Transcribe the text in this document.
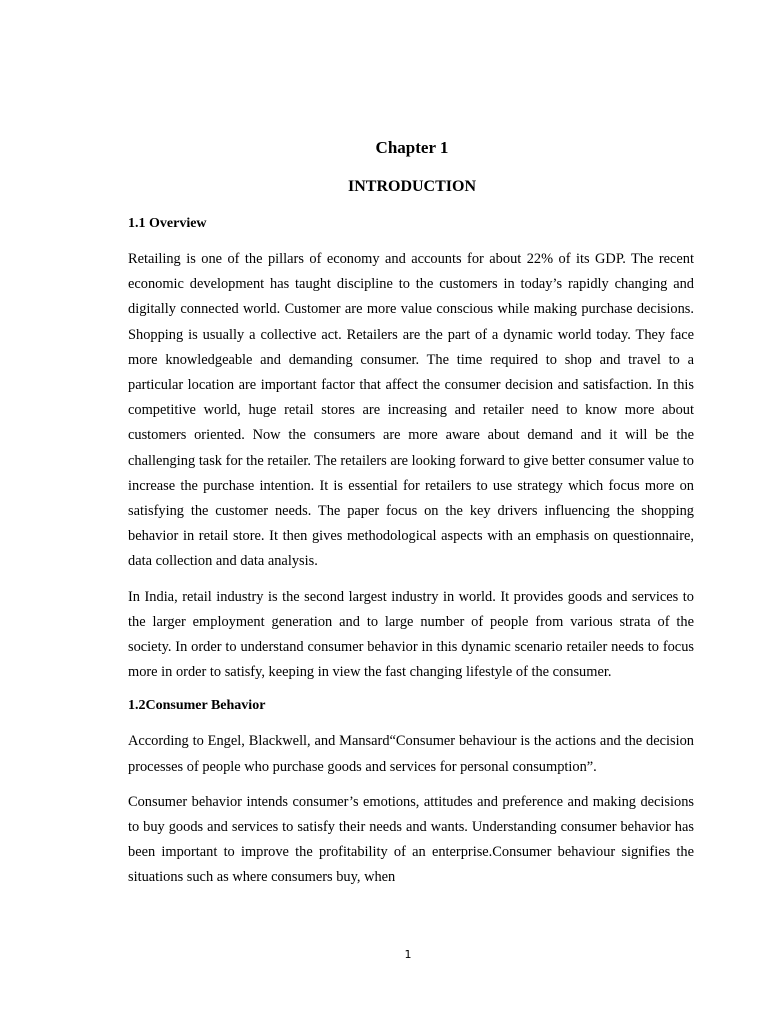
Chapter 1
INTRODUCTION

1.1 Overview

Retailing is one of the pillars of economy and accounts for about 22% of its GDP. The recent economic development has taught discipline to the customers in today’s rapidly changing and digitally connected world. Customer are more value conscious while making purchase decisions. Shopping is usually a collective act. Retailers are the part of a dynamic world today. They face more knowledgeable and demanding consumer. The time required to shop and travel to a particular location are important factor that affect the consumer decision and satisfaction. In this competitive world, huge retail stores are increasing and retailer need to know more about customers oriented. Now the consumers are more aware about demand and it will be the challenging task for the retailer. The retailers are looking forward to give better consumer value to increase the purchase intention. It is essential for retailers to use strategy which focus more on satisfying the customer needs. The paper focus on the key drivers influencing the shopping behavior in retail store. It then gives methodological aspects with an emphasis on questionnaire, data collection and data analysis.

In India, retail industry is the second largest industry in world. It provides goods and services to the larger employment generation and to large number of people from various strata of the society. In order to understand consumer behavior in this dynamic scenario retailer needs to focus more in order to satisfy, keeping in view the fast changing lifestyle of the consumer.

1.2Consumer Behavior

According to Engel, Blackwell, and Mansard“Consumer behaviour is the actions and the decision processes of people who purchase goods and services for personal consumption”.

Consumer behavior intends consumer’s emotions, attitudes and preference and making decisions to buy goods and services to satisfy their needs and wants. Understanding consumer behavior has been important to improve the profitability of an enterprise.Consumer behaviour signifies the situations such as where consumers buy, when

1
